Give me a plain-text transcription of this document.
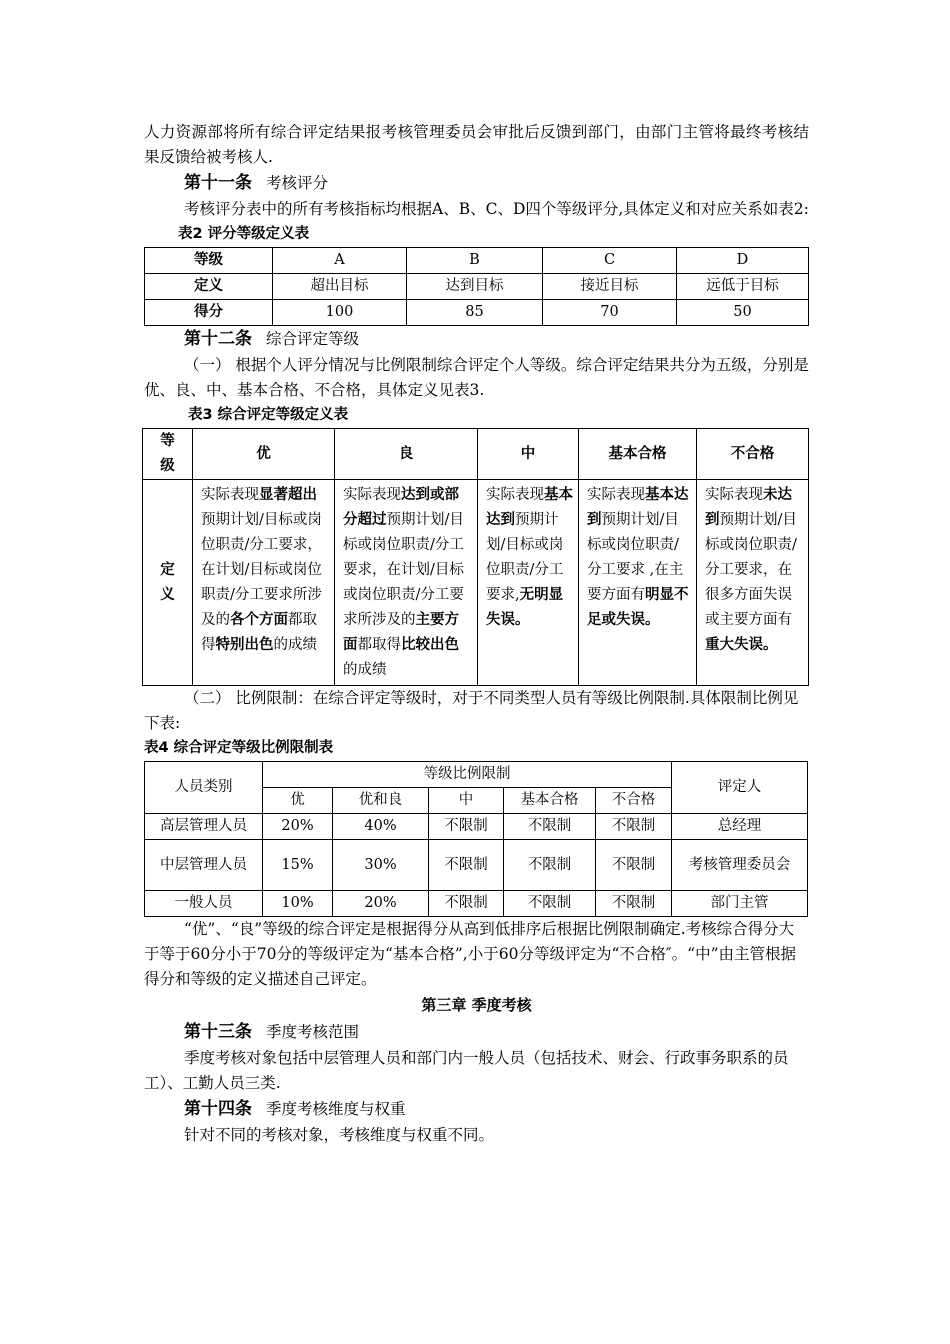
人力资源部将所有综合评定结果报考核管理委员会审批后反馈到部门，由部门主管将最终考核结果反馈给被考核人.

第十一条 考核评分

考核评分表中的所有考核指标均根据A、B、C、D四个等级评分,具体定义和对应关系如表2:

表2 评分等级定义表

等级	A	B	C	D
定义	超出目标	达到目标	接近目标	远低于目标
得分	100	85	70	50

第十二条 综合评定等级

（一） 根据个人评分情况与比例限制综合评定个人等级。综合评定结果共分为五级，分别是优、良、中、基本合格、不合格，具体定义见表3.

表3 综合评定等级定义表

等级	优	良	中	基本合格	不合格
定义	实际表现显著超出预期计划/目标或岗位职责/分工要求，在计划/目标或岗位职责/分工要求所涉及的各个方面都取得特别出色的成绩	实际表现达到或部分超过预期计划/目标或岗位职责/分工要求，在计划/目标或岗位职责/分工要求所涉及的主要方面都取得比较出色的成绩	实际表现基本达到预期计划/目标或岗位职责/分工要求,无明显失误。	实际表现基本达到预期计划/目标或岗位职责/分工要求 ,在主要方面有明显不足或失误。	实际表现未达到预期计划/目标或岗位职责/分工要求，在很多方面失误或主要方面有重大失误。

（二） 比例限制：在综合评定等级时，对于不同类型人员有等级比例限制.具体限制比例见下表:

表4 综合评定等级比例限制表

人员类别	等级比例限制					评定人
	优	优和良	中	基本合格	不合格	
高层管理人员	20%	40%	不限制	不限制	不限制	总经理
中层管理人员	15%	30%	不限制	不限制	不限制	考核管理委员会
一般人员	10%	20%	不限制	不限制	不限制	部门主管

“优”、“良”等级的综合评定是根据得分从高到低排序后根据比例限制确定.考核综合得分大于等于60分小于70分的等级评定为“基本合格”,小于60分等级评定为“不合格″。“中”由主管根据得分和等级的定义描述自己评定。

第三章 季度考核

第十三条 季度考核范围

季度考核对象包括中层管理人员和部门内一般人员（包括技术、财会、行政事务职系的员工）、工勤人员三类.

第十四条 季度考核维度与权重

针对不同的考核对象，考核维度与权重不同。
